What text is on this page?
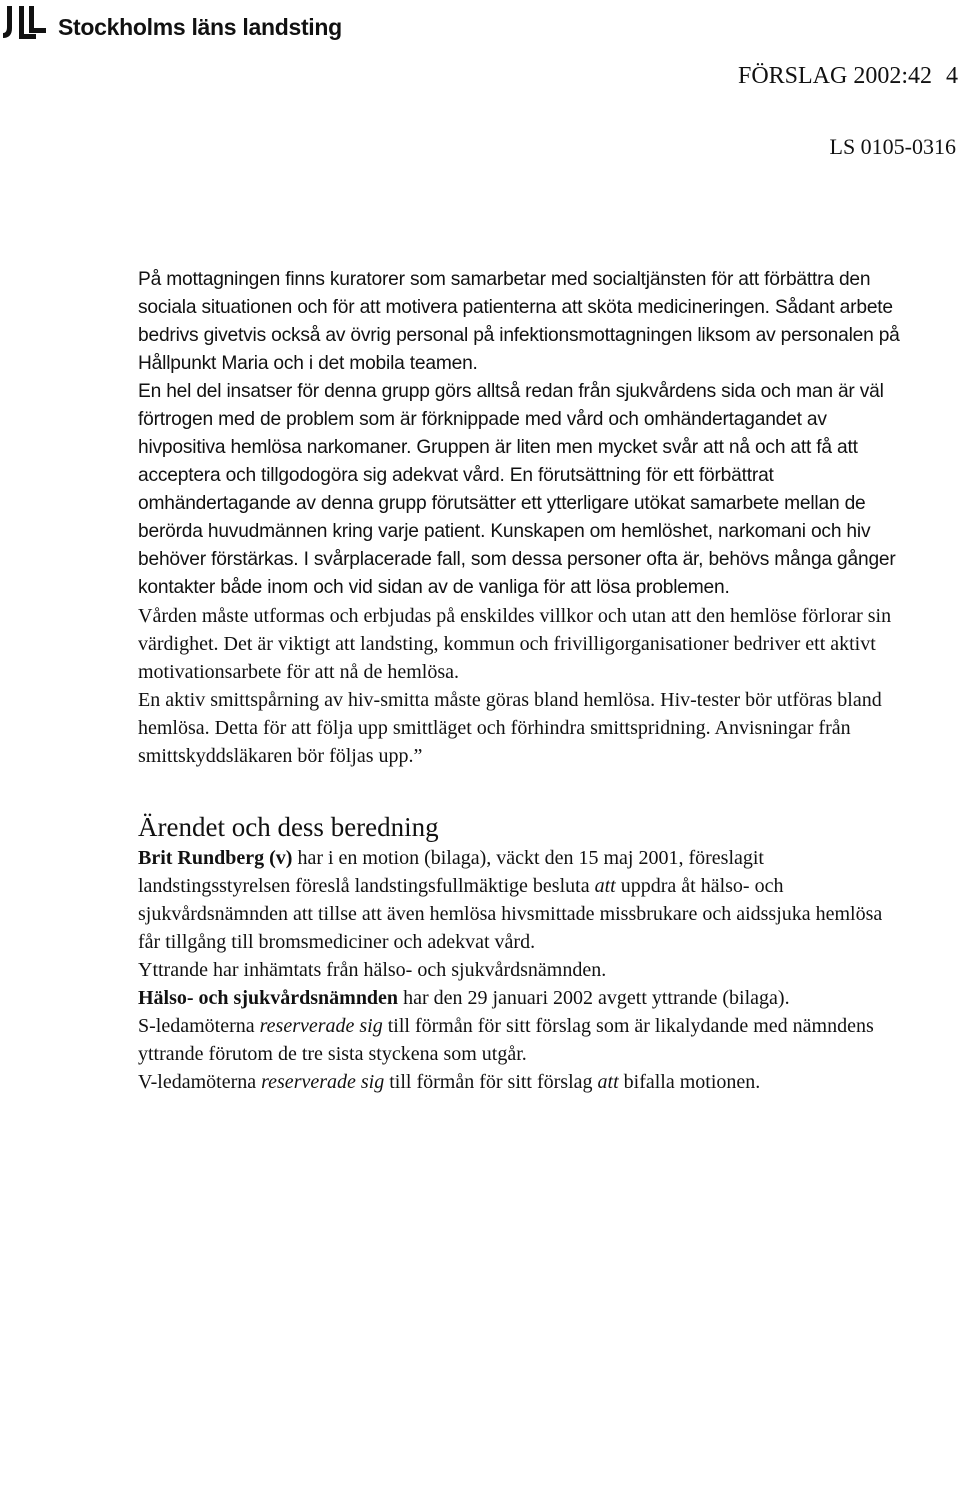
Stockholms läns landsting
FÖRSLAG 2002:42 4
LS 0105-0316

På mottagningen finns kuratorer som samarbetar med socialtjänsten för att förbättra den sociala situationen och för att motivera patienterna att sköta medicineringen. Sådant arbete bedrivs givetvis också av övrig personal på infektionsmottagningen liksom av personalen på Hållpunkt Maria och i det mobila teamen.

En hel del insatser för denna grupp görs alltså redan från sjukvårdens sida och man är väl förtrogen med de problem som är förknippade med vård och omhändertagandet av hivpositiva hemlösa narkomaner. Gruppen är liten men mycket svår att nå och att få att acceptera och tillgodogöra sig adekvat vård. En förutsättning för ett förbättrat omhändertagande av denna grupp förutsätter ett ytterligare utökat samarbete mellan de berörda huvudmännen kring varje patient. Kunskapen om hemlöshet, narkomani och hiv behöver förstärkas. I svårplacerade fall, som dessa personer ofta är, behövs många gånger kontakter både inom och vid sidan av de vanliga för att lösa problemen.

Vården måste utformas och erbjudas på enskildes villkor och utan att den hemlöse förlorar sin värdighet. Det är viktigt att landsting, kommun och frivilligorganisationer bedriver ett aktivt motivationsarbete för att nå de hemlösa.

En aktiv smittspårning av hiv-smitta måste göras bland hemlösa. Hiv-tester bör utföras bland hemlösa. Detta för att följa upp smittläget och förhindra smittspridning. Anvisningar från smittskyddsläkaren bör följas upp.”

Ärendet och dess beredning

Brit Rundberg (v) har i en motion (bilaga), väckt den 15 maj 2001, föreslagit landstingsstyrelsen föreslå landstingsfullmäktige besluta att uppdra åt hälso- och sjukvårdsnämnden att tillse att även hemlösa hivsmittade missbrukare och aidssjuka hemlösa får tillgång till bromsmediciner och adekvat vård.

Yttrande har inhämtats från hälso- och sjukvårdsnämnden.

Hälso- och sjukvårdsnämnden har den 29 januari 2002 avgett yttrande (bilaga).

S-ledamöterna reserverade sig till förmån för sitt förslag som är likalydande med nämndens yttrande förutom de tre sista styckena som utgår.

V-ledamöterna reserverade sig till förmån för sitt förslag att bifalla motionen.
